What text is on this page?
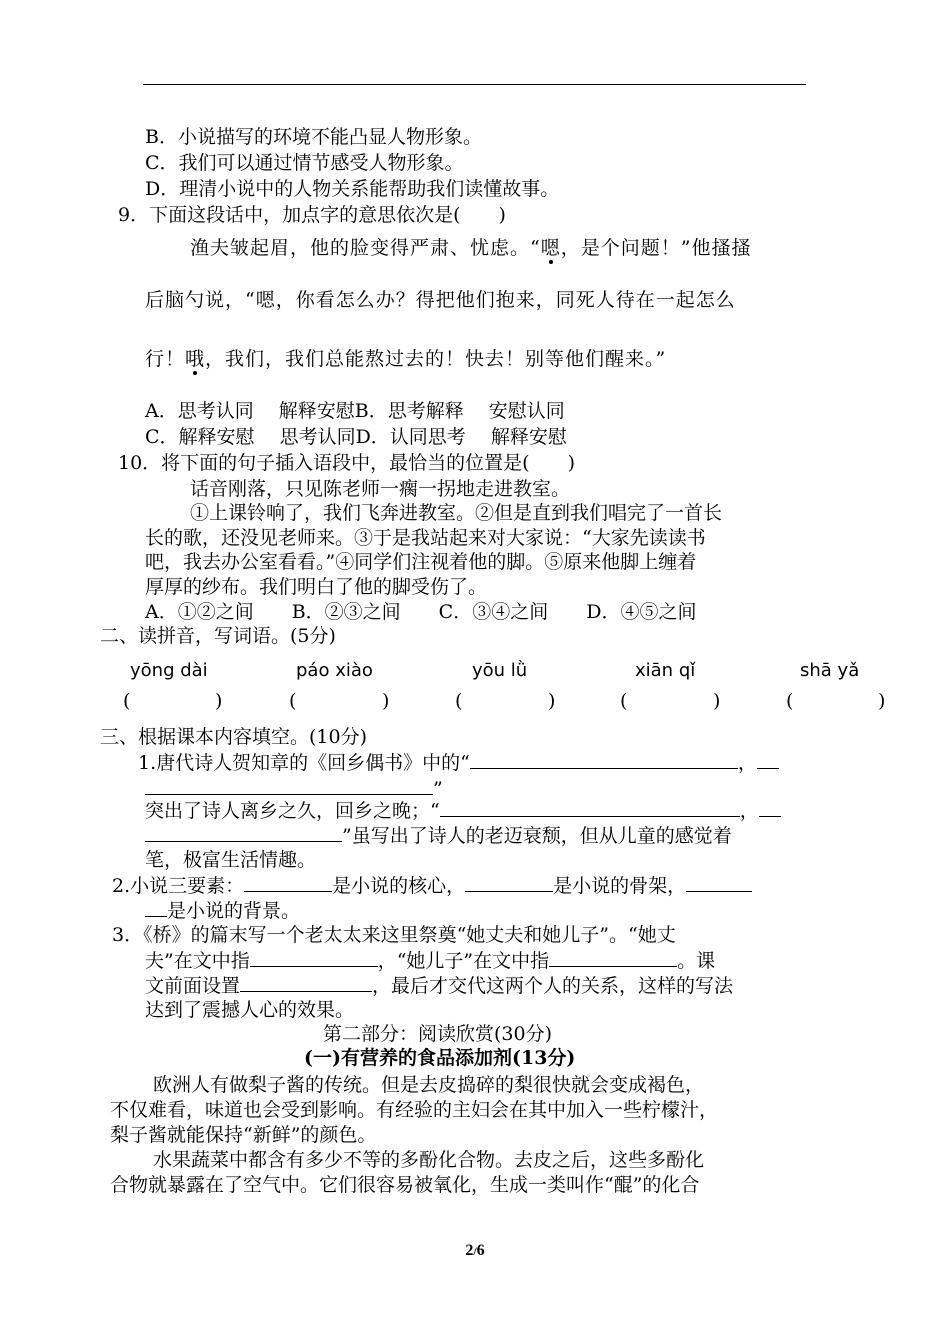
B．小说描写的环境不能凸显人物形象。
C．我们可以通过情节感受人物形象。
D．理清小说中的人物关系能帮助我们读懂故事。
9．下面这段话中，加点字的意思依次是(　　)
渔夫皱起眉，他的脸变得严肃、忧虑。“嗯，是个问题！”他搔搔
后脑勺说，“嗯，你看怎么办？得把他们抱来，同死人待在一起怎么
行！哦，我们，我们总能熬过去的！快去！别等他们醒来。”
A．思考认同　 解释安慰B．思考解释　 安慰认同
C．解释安慰　 思考认同D．认同思考　 解释安慰
10．将下面的句子插入语段中，最恰当的位置是(　　)
话音刚落，只见陈老师一瘸一拐地走进教室。
①上课铃响了，我们飞奔进教室。②但是直到我们唱完了一首长
长的歌，还没见老师来。③于是我站起来对大家说：“大家先读读书
吧，我去办公室看看。”④同学们注视着他的脚。⑤原来他脚上缠着
厚厚的纱布。我们明白了他的脚受伤了。
A．①②之间　　B．②③之间　　C．③④之间　　D．④⑤之间
二、读拼音，写词语。(5分)
yōng dài	páo xiào	yōu lǜ	xiān qǐ	shā yǎ
(	)	(	)	(	)	(	)	(	)
三、根据课本内容填空。(10分)
1.唐代诗人贺知章的《回乡偶书》中的“	，
”
突出了诗人离乡之久，回乡之晚；“	，
”虽写出了诗人的老迈衰颓，但从儿童的感觉着
笔，极富生活情趣。
2.小说三要素：	是小说的核心，	是小说的骨架，
是小说的背景。
3．《桥》的篇末写一个老太太来这里祭奠“她丈夫和她儿子”。“她丈
夫”在文中指	，“她儿子”在文中指	。课
文前面设置	，最后才交代这两个人的关系，这样的写法
达到了震撼人心的效果。
第二部分：阅读欣赏(30分)
(一)有营养的食品添加剂(13分)
欧洲人有做梨子酱的传统。但是去皮捣碎的梨很快就会变成褐色，
不仅难看，味道也会受到影响。有经验的主妇会在其中加入一些柠檬汁，
梨子酱就能保持“新鲜”的颜色。
水果蔬菜中都含有多少不等的多酚化合物。去皮之后，这些多酚化
合物就暴露在了空气中。它们很容易被氧化，生成一类叫作“醌”的化合
2/6
